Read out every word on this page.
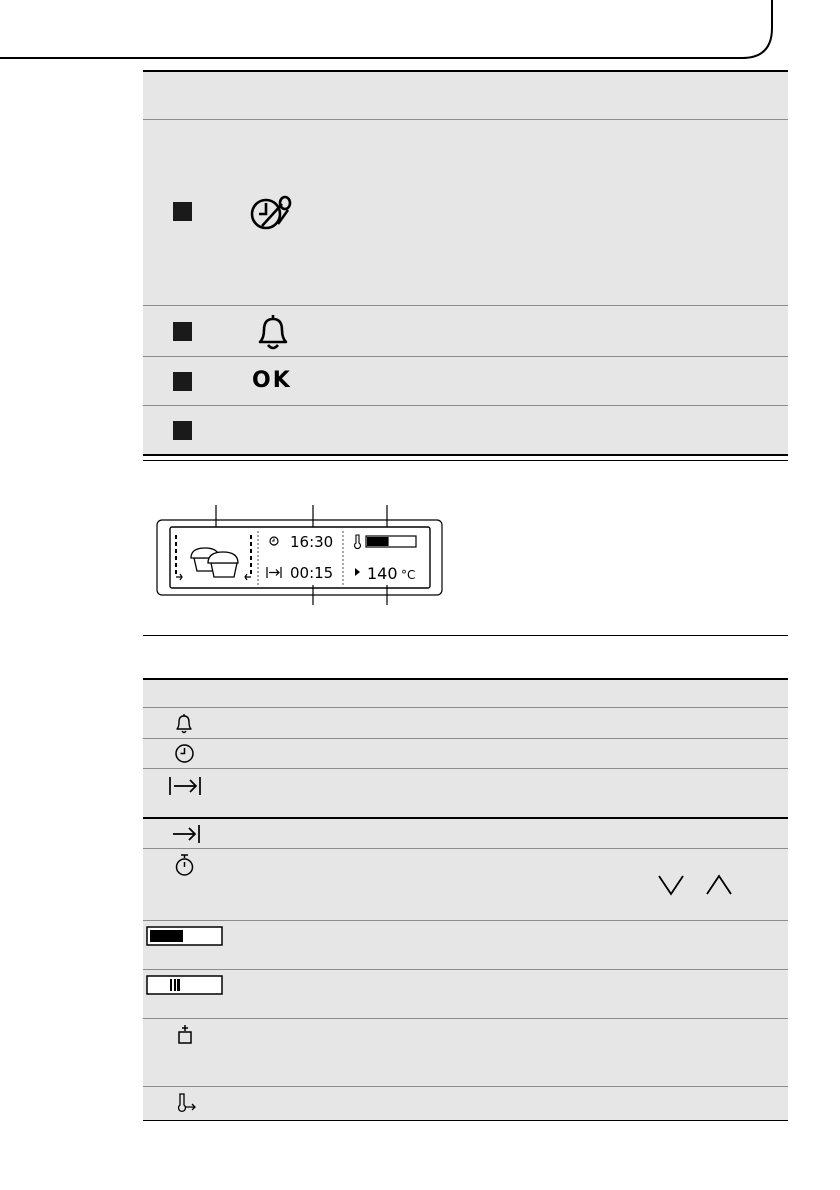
OK
16:30
00:15 140 °C
